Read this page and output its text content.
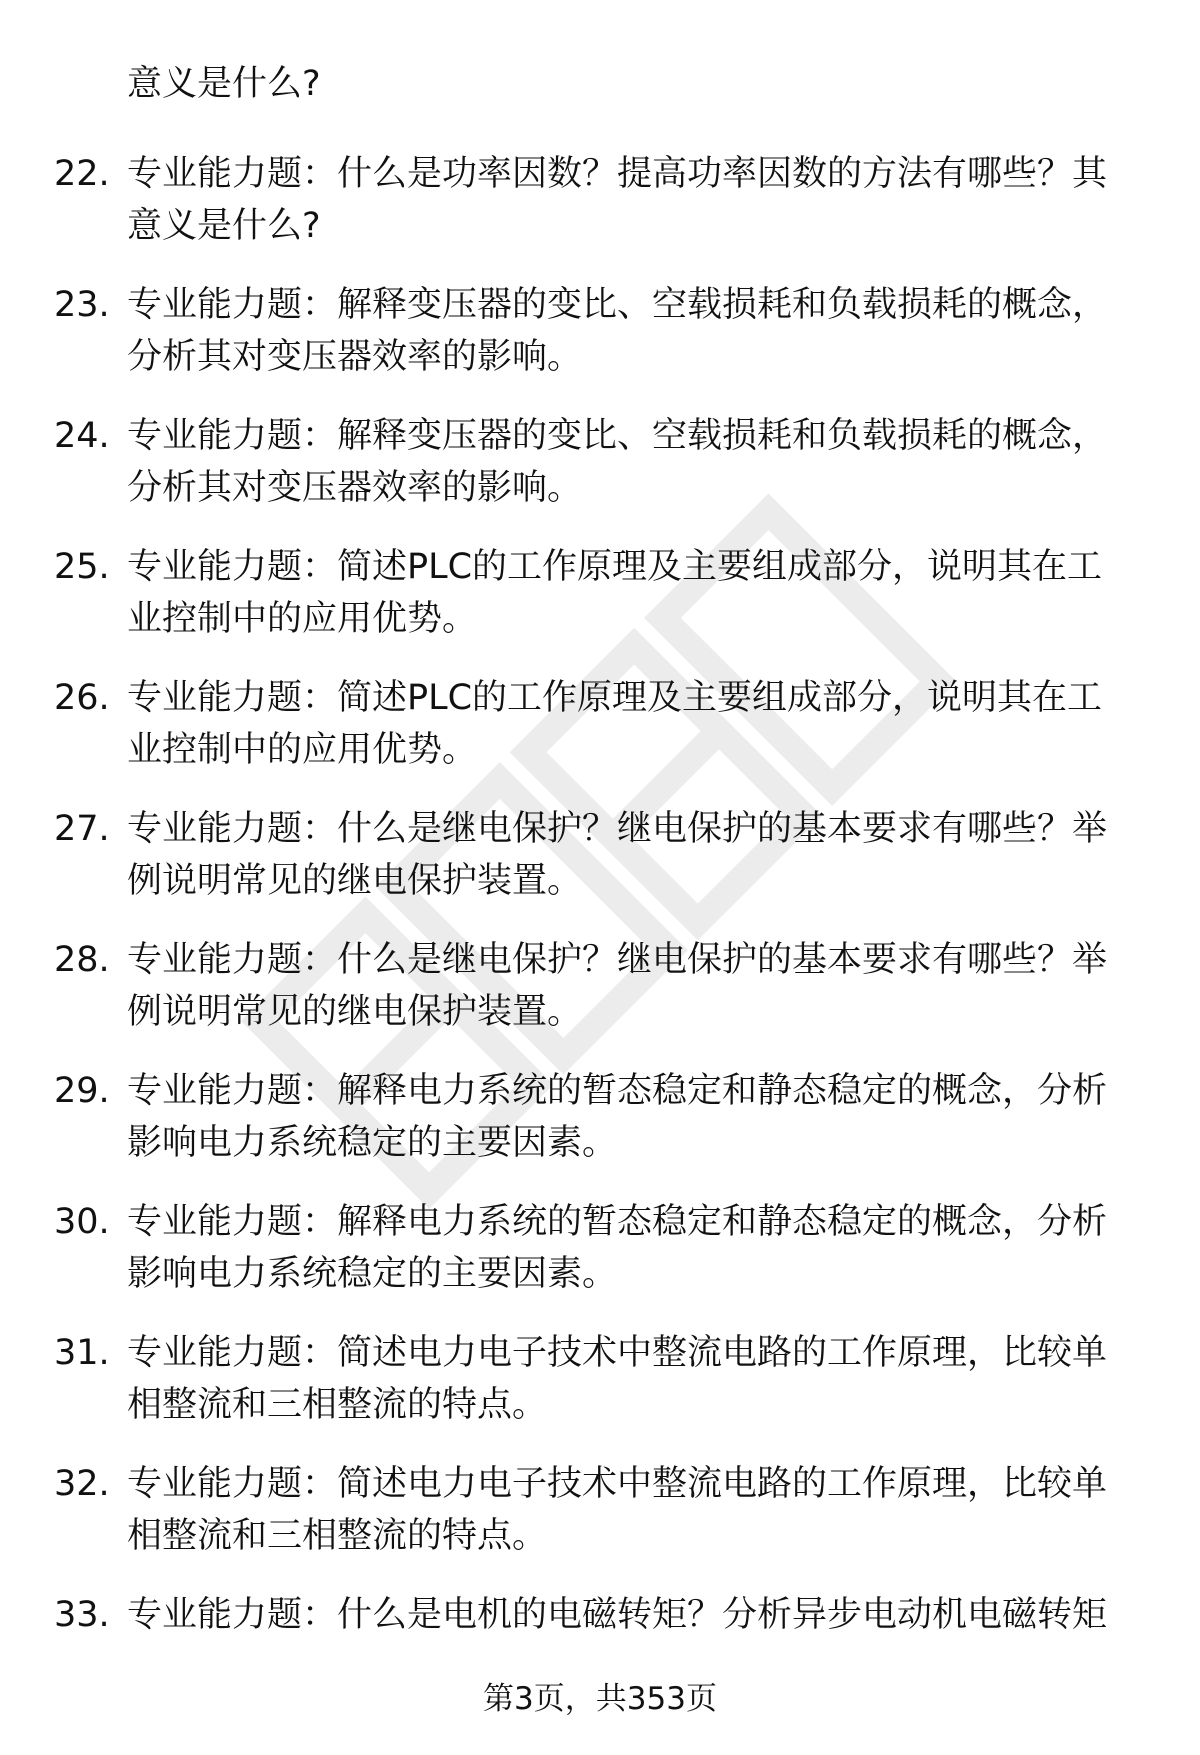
意义是什么?
22. 专业能力题：什么是功率因数？提高功率因数的方法有哪些？其
意义是什么?
23. 专业能力题：解释变压器的变比、空载损耗和负载损耗的概念，
分析其对变压器效率的影响。
24. 专业能力题：解释变压器的变比、空载损耗和负载损耗的概念，
分析其对变压器效率的影响。
25. 专业能力题：简述PLC的工作原理及主要组成部分，说明其在工
业控制中的应用优势。
26. 专业能力题：简述PLC的工作原理及主要组成部分，说明其在工
业控制中的应用优势。
27. 专业能力题：什么是继电保护？继电保护的基本要求有哪些？举
例说明常见的继电保护装置。
28. 专业能力题：什么是继电保护？继电保护的基本要求有哪些？举
例说明常见的继电保护装置。
29. 专业能力题：解释电力系统的暂态稳定和静态稳定的概念，分析
影响电力系统稳定的主要因素。
30. 专业能力题：解释电力系统的暂态稳定和静态稳定的概念，分析
影响电力系统稳定的主要因素。
31. 专业能力题：简述电力电子技术中整流电路的工作原理，比较单
相整流和三相整流的特点。
32. 专业能力题：简述电力电子技术中整流电路的工作原理，比较单
相整流和三相整流的特点。
33. 专业能力题：什么是电机的电磁转矩？分析异步电动机电磁转矩
第3页，共353页
